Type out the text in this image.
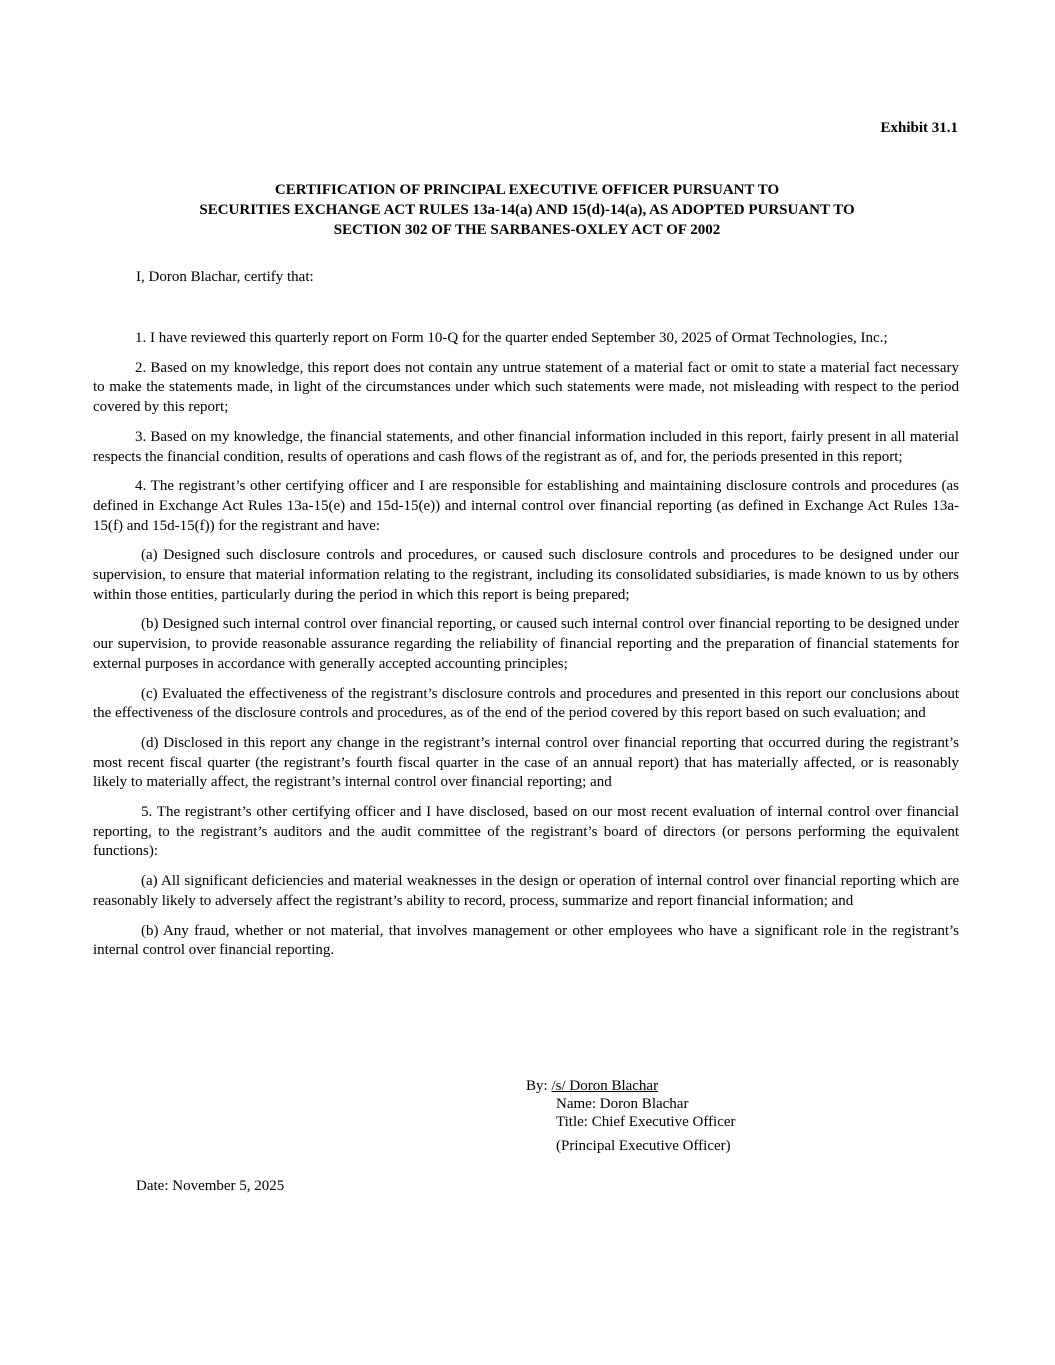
Exhibit 31.1
CERTIFICATION OF PRINCIPAL EXECUTIVE OFFICER PURSUANT TO
SECURITIES EXCHANGE ACT RULES 13a-14(a) AND 15(d)-14(a), AS ADOPTED PURSUANT TO
SECTION 302 OF THE SARBANES-OXLEY ACT OF 2002
I, Doron Blachar, certify that:

1. I have reviewed this quarterly report on Form 10-Q for the quarter ended September 30, 2025 of Ormat Technologies, Inc.;

2. Based on my knowledge, this report does not contain any untrue statement of a material fact or omit to state a material fact necessary to make the statements made, in light of the circumstances under which such statements were made, not misleading with respect to the period covered by this report;

3. Based on my knowledge, the financial statements, and other financial information included in this report, fairly present in all material respects the financial condition, results of operations and cash flows of the registrant as of, and for, the periods presented in this report;

4. The registrant’s other certifying officer and I are responsible for establishing and maintaining disclosure controls and procedures (as defined in Exchange Act Rules 13a-15(e) and 15d-15(e)) and internal control over financial reporting (as defined in Exchange Act Rules 13a-15(f) and 15d-15(f)) for the registrant and have:

(a) Designed such disclosure controls and procedures, or caused such disclosure controls and procedures to be designed under our supervision, to ensure that material information relating to the registrant, including its consolidated subsidiaries, is made known to us by others within those entities, particularly during the period in which this report is being prepared;

(b) Designed such internal control over financial reporting, or caused such internal control over financial reporting to be designed under our supervision, to provide reasonable assurance regarding the reliability of financial reporting and the preparation of financial statements for external purposes in accordance with generally accepted accounting principles;

(c) Evaluated the effectiveness of the registrant’s disclosure controls and procedures and presented in this report our conclusions about the effectiveness of the disclosure controls and procedures, as of the end of the period covered by this report based on such evaluation; and

(d) Disclosed in this report any change in the registrant’s internal control over financial reporting that occurred during the registrant’s most recent fiscal quarter (the registrant’s fourth fiscal quarter in the case of an annual report) that has materially affected, or is reasonably likely to materially affect, the registrant’s internal control over financial reporting; and

5. The registrant’s other certifying officer and I have disclosed, based on our most recent evaluation of internal control over financial reporting, to the registrant’s auditors and the audit committee of the registrant’s board of directors (or persons performing the equivalent functions):

(a) All significant deficiencies and material weaknesses in the design or operation of internal control over financial reporting which are reasonably likely to adversely affect the registrant’s ability to record, process, summarize and report financial information; and

(b) Any fraud, whether or not material, that involves management or other employees who have a significant role in the registrant’s internal control over financial reporting.

By: /s/ Doron Blachar
Name: Doron Blachar
Title: Chief Executive Officer
(Principal Executive Officer)
Date: November 5, 2025
